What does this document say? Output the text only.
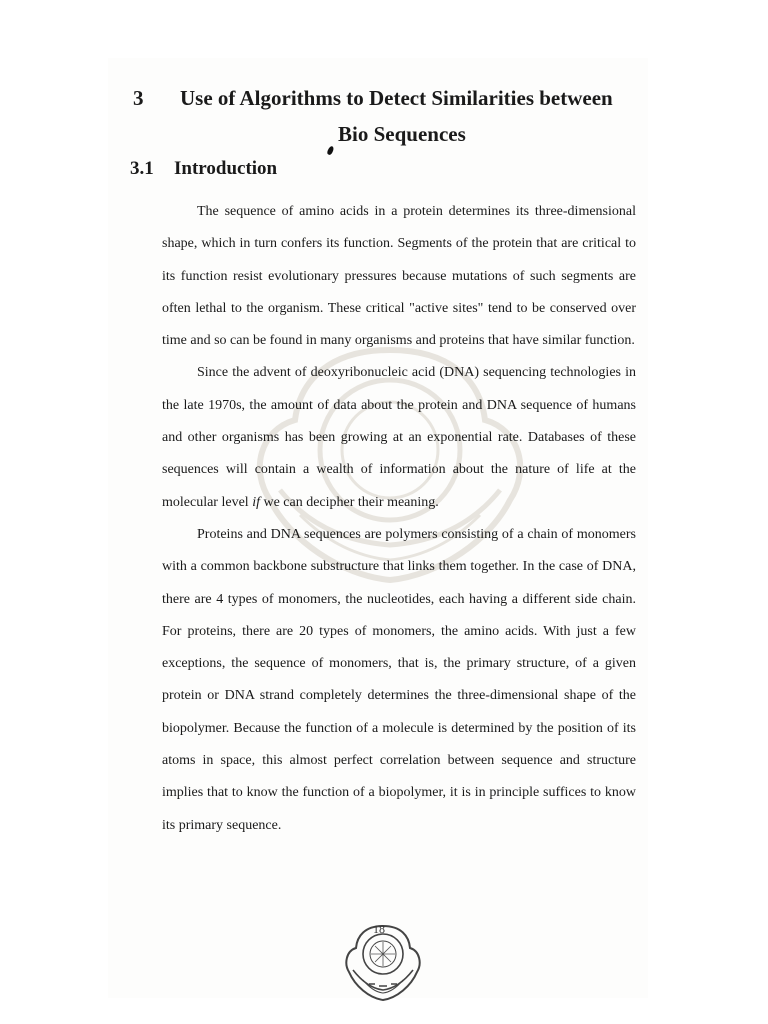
3 Use of Algorithms to Detect Similarities between
Bio Sequences
3.1 Introduction

The sequence of amino acids in a protein determines its three-dimensional shape, which in turn confers its function. Segments of the protein that are critical to its function resist evolutionary pressures because mutations of such segments are often lethal to the organism. These critical "active sites" tend to be conserved over time and so can be found in many organisms and proteins that have similar function.

Since the advent of deoxyribonucleic acid (DNA) sequencing technologies in the late 1970s, the amount of data about the protein and DNA sequence of humans and other organisms has been growing at an exponential rate. Databases of these sequences will contain a wealth of information about the nature of life at the molecular level if we can decipher their meaning.

Proteins and DNA sequences are polymers consisting of a chain of monomers with a common backbone substructure that links them together. In the case of DNA, there are 4 types of monomers, the nucleotides, each having a different side chain. For proteins, there are 20 types of monomers, the amino acids. With just a few exceptions, the sequence of monomers, that is, the primary structure, of a given protein or DNA strand completely determines the three-dimensional shape of the biopolymer. Because the function of a molecule is determined by the position of its atoms in space, this almost perfect correlation between sequence and structure implies that to know the function of a biopolymer, it is in principle suffices to know its primary sequence.

18
